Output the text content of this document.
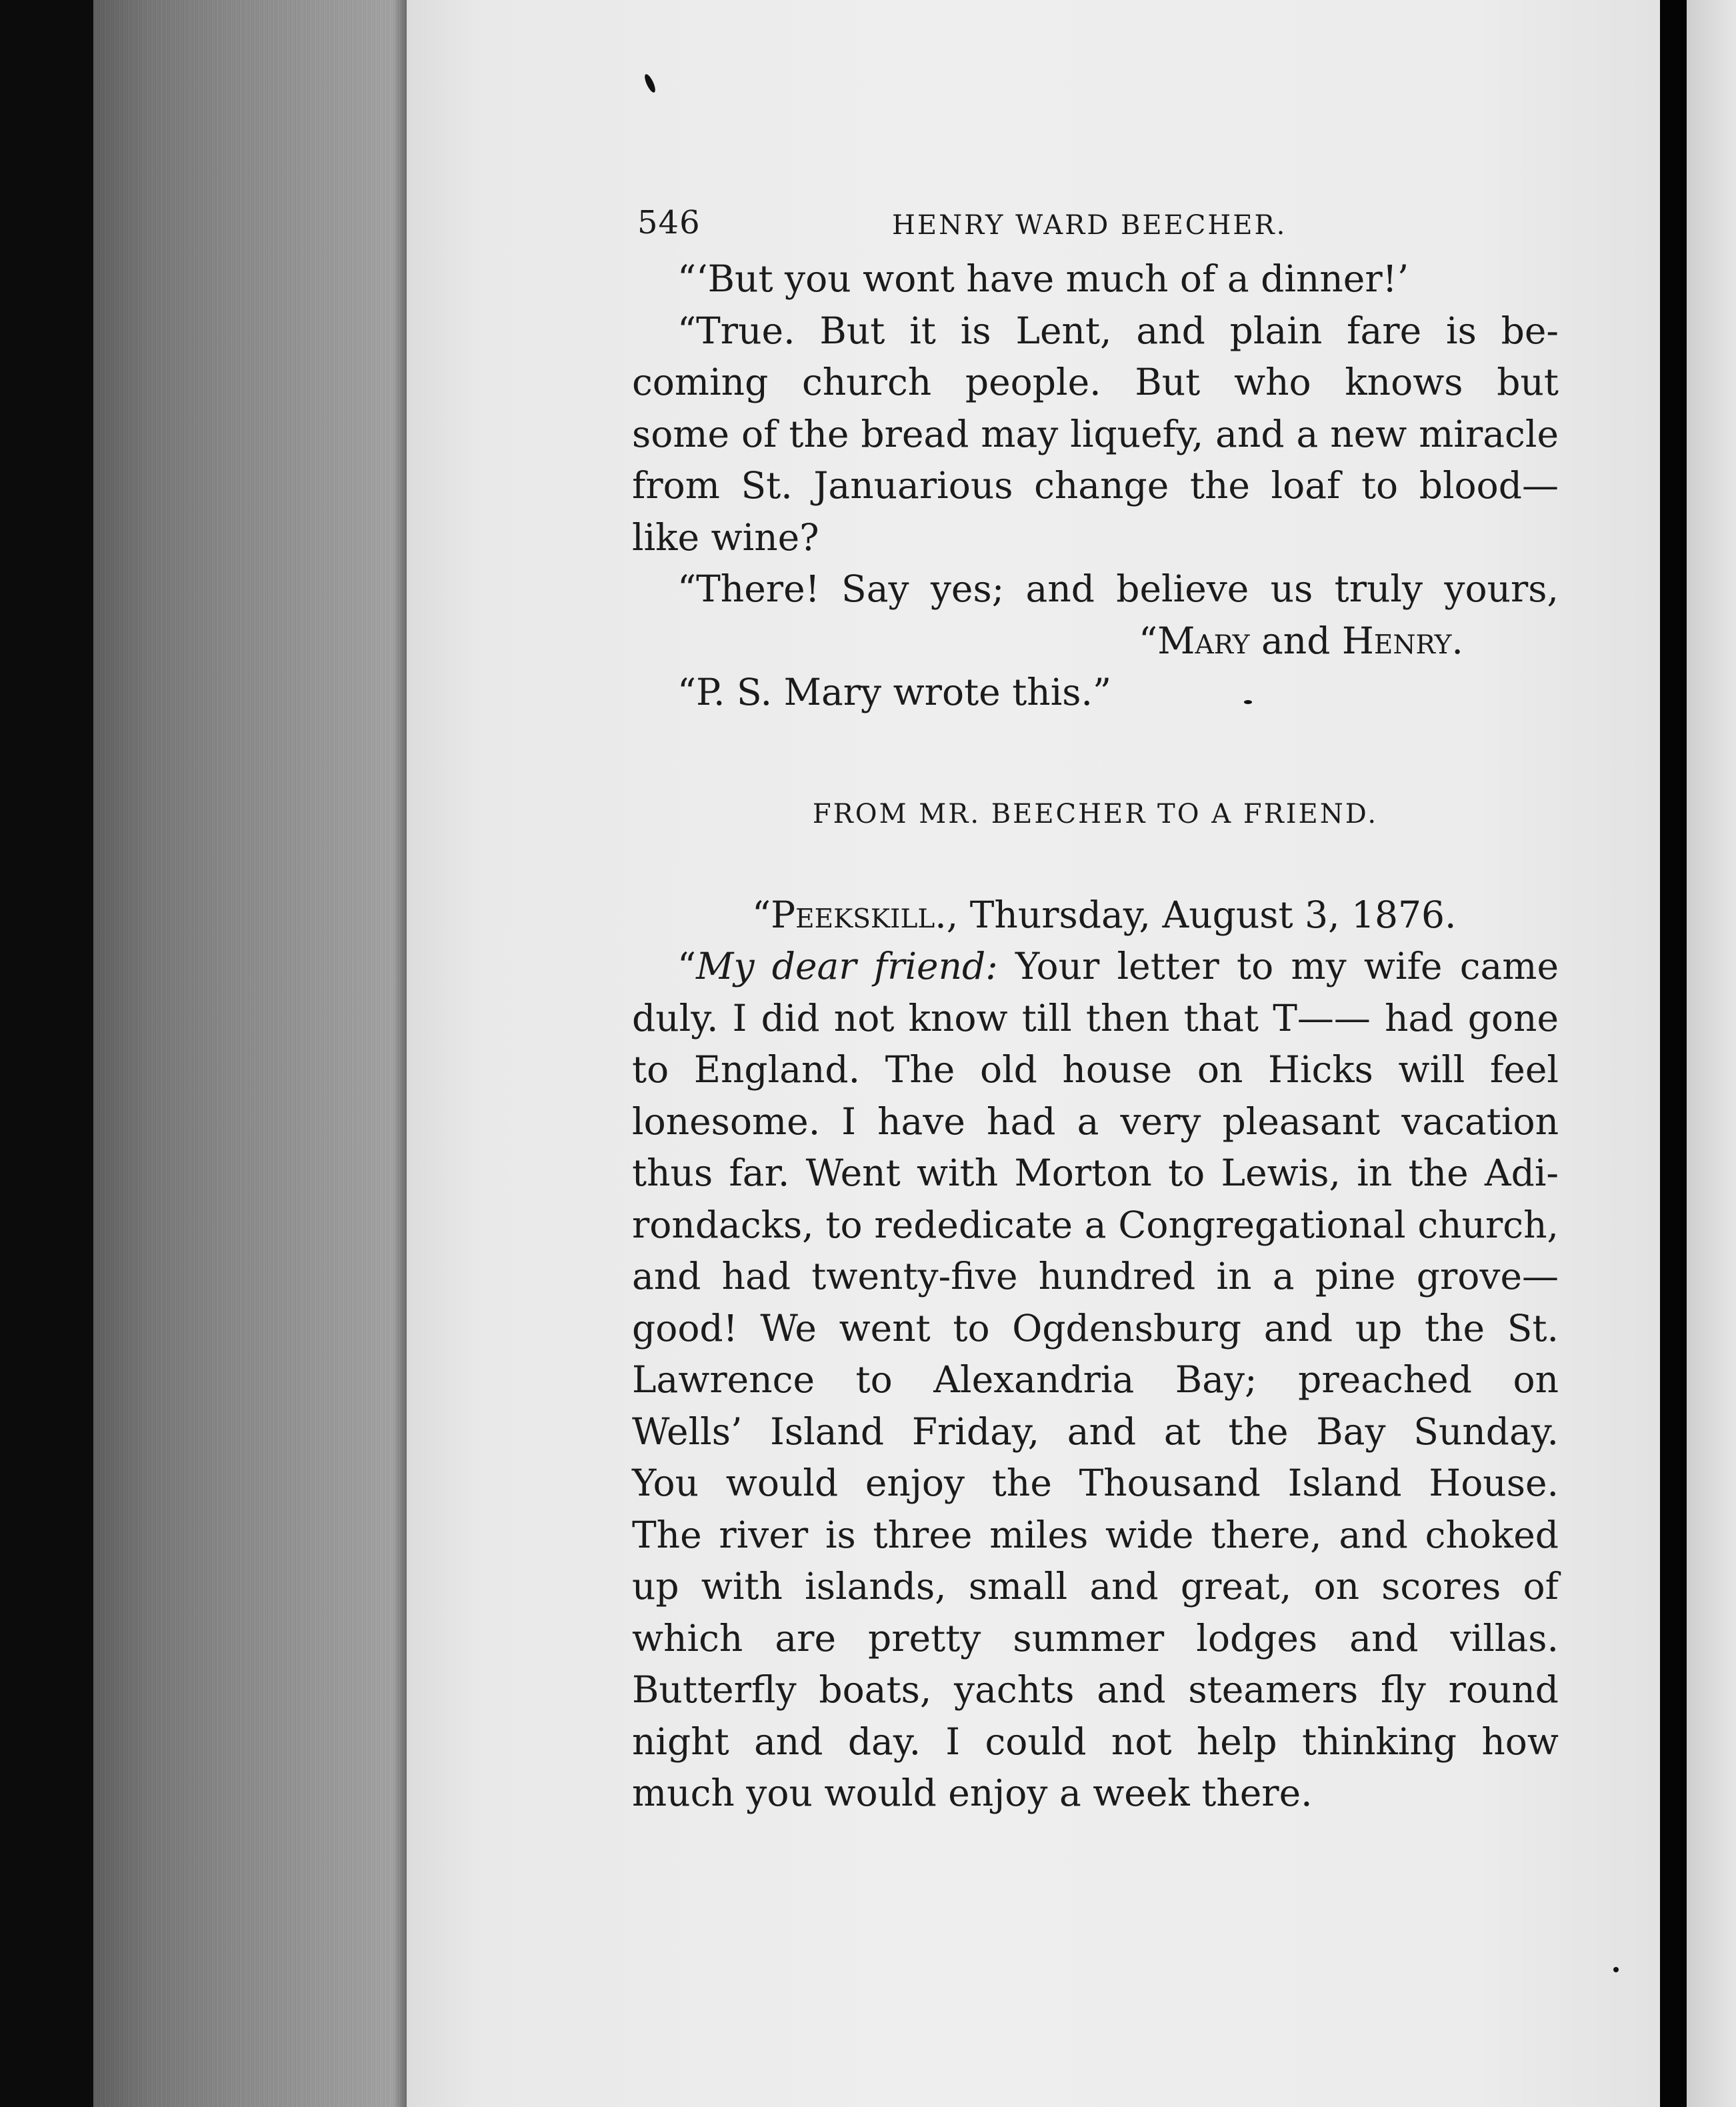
546	HENRY WARD BEECHER.
“‘But you wont have much of a dinner!’
“True. But it is Lent, and plain fare is be-
coming church people. But who knows but
some of the bread may liquefy, and a new miracle
from St. Januarious change the loaf to blood—
like wine?
“There! Say yes; and believe us truly yours,
“Mary and Henry.
“P. S. Mary wrote this.”
FROM MR. BEECHER TO A FRIEND.
“Peekskill., Thursday, August 3, 1876.
“My dear friend: Your letter to my wife came
duly. I did not know till then that T—— had gone
to England. The old house on Hicks will feel
lonesome. I have had a very pleasant vacation
thus far. Went with Morton to Lewis, in the Adi-
rondacks, to rededicate a Congregational church,
and had twenty-five hundred in a pine grove—
good! We went to Ogdensburg and up the St.
Lawrence to Alexandria Bay; preached on
Wells’ Island Friday, and at the Bay Sunday.
You would enjoy the Thousand Island House.
The river is three miles wide there, and choked
up with islands, small and great, on scores of
which are pretty summer lodges and villas.
Butterfly boats, yachts and steamers fly round
night and day. I could not help thinking how
much you would enjoy a week there.
